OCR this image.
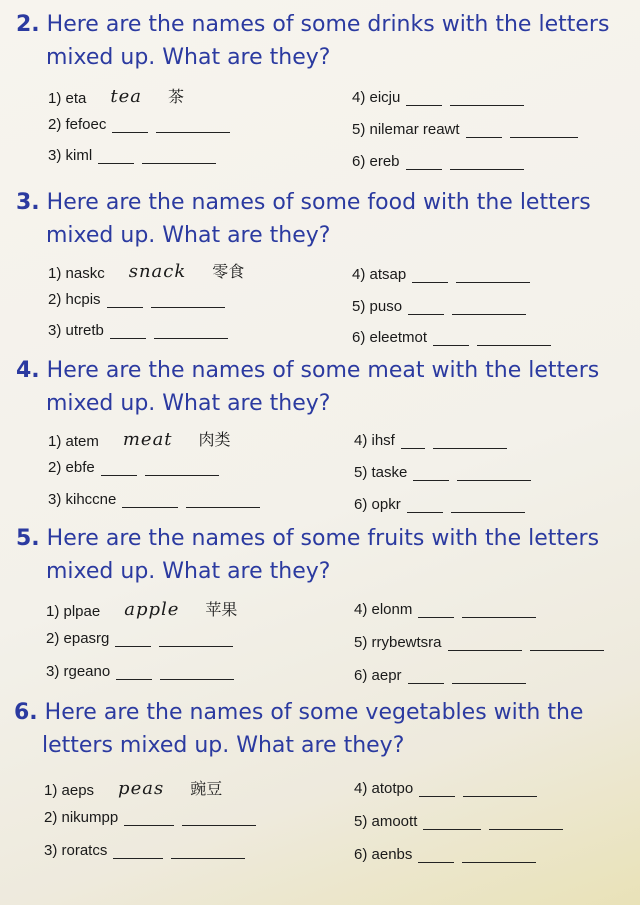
2. Here are the names of some drinks with the letters
mixed up. What are they?
1) eta tea 茶
2) fefoec
3) kiml
4) eicju
5) nilemar reawt
6) ereb
3. Here are the names of some food with the letters
mixed up. What are they?
1) naskc snack 零食
2) hcpis
3) utretb
4) atsap
5) puso
6) eleetmot
4. Here are the names of some meat with the letters
mixed up. What are they?
1) atem meat 肉类
2) ebfe
3) kihccne
4) ihsf
5) taske
6) opkr
5. Here are the names of some fruits with the letters
mixed up. What are they?
1) plpae apple 苹果
2) epasrg
3) rgeano
4) elonm
5) rrybewtsra
6) aepr
6. Here are the names of some vegetables with the
letters mixed up. What are they?
1) aeps peas 豌豆
2) nikumpp
3) roratcs
4) atotpo
5) amoott
6) aenbs
